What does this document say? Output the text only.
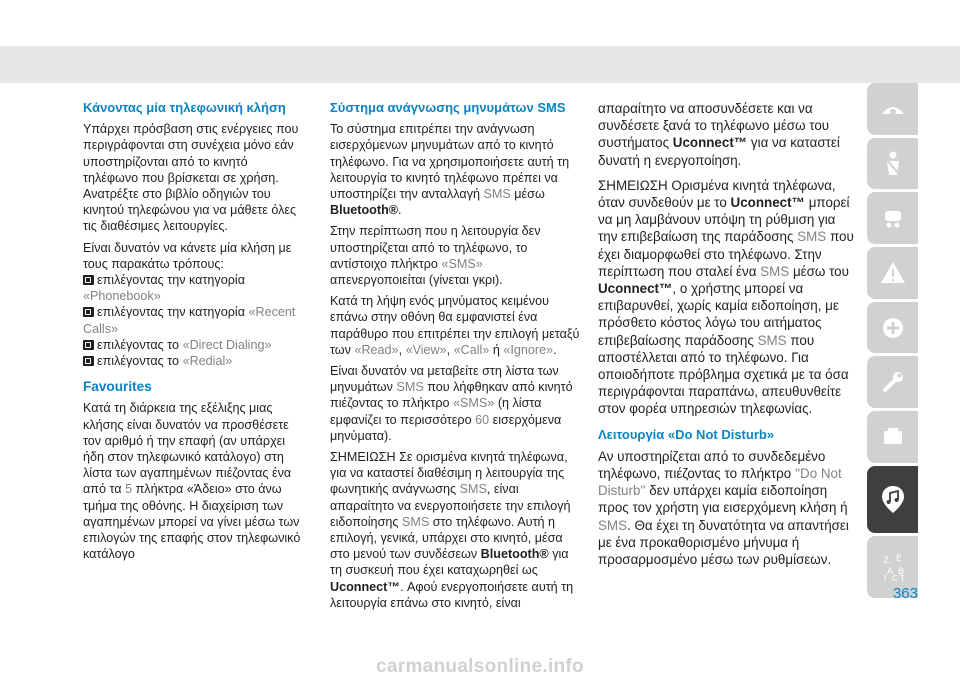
Κάνοντας μία τηλεφωνική κλήση

Υπάρχει πρόσβαση στις ενέργειες που περιγράφονται στη συνέχεια μόνο εάν υποστηρίζονται από το κινητό τηλέφωνο που βρίσκεται σε χρήση. Ανατρέξτε στο βιβλίο οδηγιών του κινητού τηλεφώνου για να μάθετε όλες τις διαθέσιμες λειτουργίες.

Είναι δυνατόν να κάνετε μία κλήση με τους παρακάτω τρόπους:
επιλέγοντας την κατηγορία «Phonebook»
επιλέγοντας την κατηγορία «Recent Calls»
επιλέγοντας το «Direct Dialing»
επιλέγοντας το «Redial»

Favourites

Κατά τη διάρκεια της εξέλιξης μιας κλήσης είναι δυνατόν να προσθέσετε τον αριθμό ή την επαφή (αν υπάρχει ήδη στον τηλεφωνικό κατάλογο) στη λίστα των αγαπημένων πιέζοντας ένα από τα 5 πλήκτρα «Άδειο» στο άνω τμήμα της οθόνης. Η διαχείριση των αγαπημένων μπορεί να γίνει μέσω των επιλογών της επαφής στον τηλεφωνικό κατάλογο

Σύστημα ανάγνωσης μηνυμάτων SMS

Το σύστημα επιτρέπει την ανάγνωση εισερχόμενων μηνυμάτων από το κινητό τηλέφωνο. Για να χρησιμοποιήσετε αυτή τη λειτουργία το κινητό τηλέφωνο πρέπει να υποστηρίζει την ανταλλαγή SMS μέσω Bluetooth®.

Στην περίπτωση που η λειτουργία δεν υποστηρίζεται από το τηλέφωνο, το αντίστοιχο πλήκτρο «SMS» απενεργοποιείται (γίνεται γκρι).

Κατά τη λήψη ενός μηνύματος κειμένου επάνω στην οθόνη θα εμφανιστεί ένα παράθυρο που επιτρέπει την επιλογή μεταξύ των «Read», «View», «Call» ή «Ignore».

Είναι δυνατόν να μεταβείτε στη λίστα των μηνυμάτων SMS που λήφθηκαν από κινητό πιέζοντας το πλήκτρο «SMS» (η λίστα εμφανίζει το περισσότερο 60 εισερχόμενα μηνύματα).

ΣΗΜΕΙΩΣΗ Σε ορισμένα κινητά τηλέφωνα, για να καταστεί διαθέσιμη η λειτουργία της φωνητικής ανάγνωσης SMS, είναι απαραίτητο να ενεργοποιήσετε την επιλογή ειδοποίησης SMS στο τηλέφωνο. Αυτή η επιλογή, γενικά, υπάρχει στο κινητό, μέσα στο μενού των συνδέσεων Bluetooth® για τη συσκευή που έχει καταχωρηθεί ως Uconnect™. Αφού ενεργοποιήσετε αυτή τη λειτουργία επάνω στο κινητό, είναι

απαραίτητο να αποσυνδέσετε και να συνδέσετε ξανά το τηλέφωνο μέσω του συστήματος Uconnect™ για να καταστεί δυνατή η ενεργοποίηση.

ΣΗΜΕΙΩΣΗ Ορισμένα κινητά τηλέφωνα, όταν συνδεθούν με το Uconnect™ μπορεί να μη λαμβάνουν υπόψη τη ρύθμιση για την επιβεβαίωση της παράδοσης SMS που έχει διαμορφωθεί στο τηλέφωνο. Στην περίπτωση που σταλεί ένα SMS μέσω του Uconnect™, ο χρήστης μπορεί να επιβαρυνθεί, χωρίς καμία ειδοποίηση, με πρόσθετο κόστος λόγω του αιτήματος επιβεβαίωσης παράδοσης SMS που αποστέλλεται από το τηλέφωνο. Για οποιοδήποτε πρόβλημα σχετικά με τα όσα περιγράφονται παραπάνω, απευθυνθείτε στον φορέα υπηρεσιών τηλεφωνίας.

Λειτουργία «Do Not Disturb»

Αν υποστηρίζεται από το συνδεδεμένο τηλέφωνο, πιέζοντας το πλήκτρο ''Do Not Disturb'' δεν υπάρχει καμία ειδοποίηση προς τον χρήστη για εισερχόμενη κλήση ή SMS. Θα έχει τη δυνατότητα να απαντήσει με ένα προκαθορισμένο μήνυμα ή προσαρμοσμένο μέσω των ρυθμίσεων.	Z E
A B
I C T
363
carmanualsonline.info
